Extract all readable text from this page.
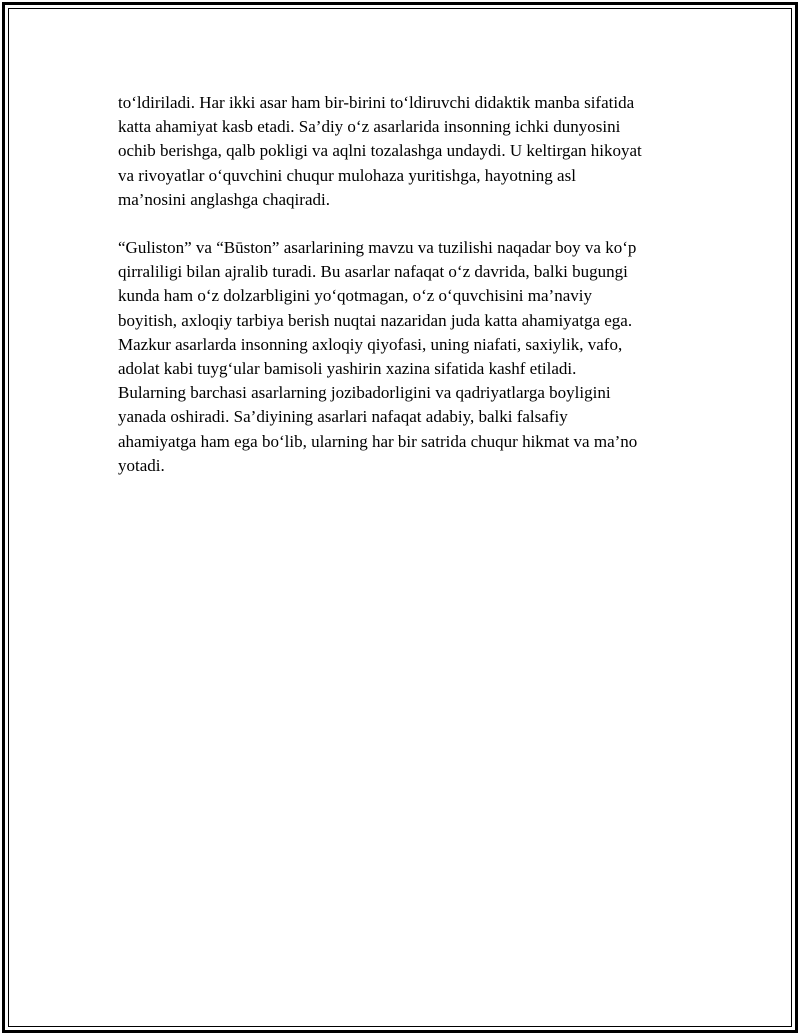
to‘ldiriladi. Har ikki asar ham bir-birini to‘ldiruvchi didaktik manba sifatida
katta ahamiyat kasb etadi. Sa’diy o‘z asarlarida insonning ichki dunyosini
ochib berishga, qalb pokligi va aqlni tozalashga undaydi. U keltirgan hikoyat
va rivoyatlar o‘quvchini chuqur mulohaza yuritishga, hayotning asl
ma’nosini anglashga chaqiradi.

“Guliston” va “Būston” asarlarining mavzu va tuzilishi naqadar boy va ko‘p
qirraliligi bilan ajralib turadi. Bu asarlar nafaqat o‘z davrida, balki bugungi
kunda ham o‘z dolzarbligini yo‘qotmagan, o‘z o‘quvchisini ma’naviy
boyitish, axloqiy tarbiya berish nuqtai nazaridan juda katta ahamiyatga ega.
Mazkur asarlarda insonning axloqiy qiyofasi, uning niafati, saxiylik, vafo,
adolat kabi tuyg‘ular bamisoli yashirin xazina sifatida kashf etiladi.
Bularning barchasi asarlarning jozibadorligini va qadriyatlarga boyligini
yanada oshiradi. Sa’diyining asarlari nafaqat adabiy, balki falsafiy
ahamiyatga ham ega bo‘lib, ularning har bir satrida chuqur hikmat va ma’no
yotadi.
